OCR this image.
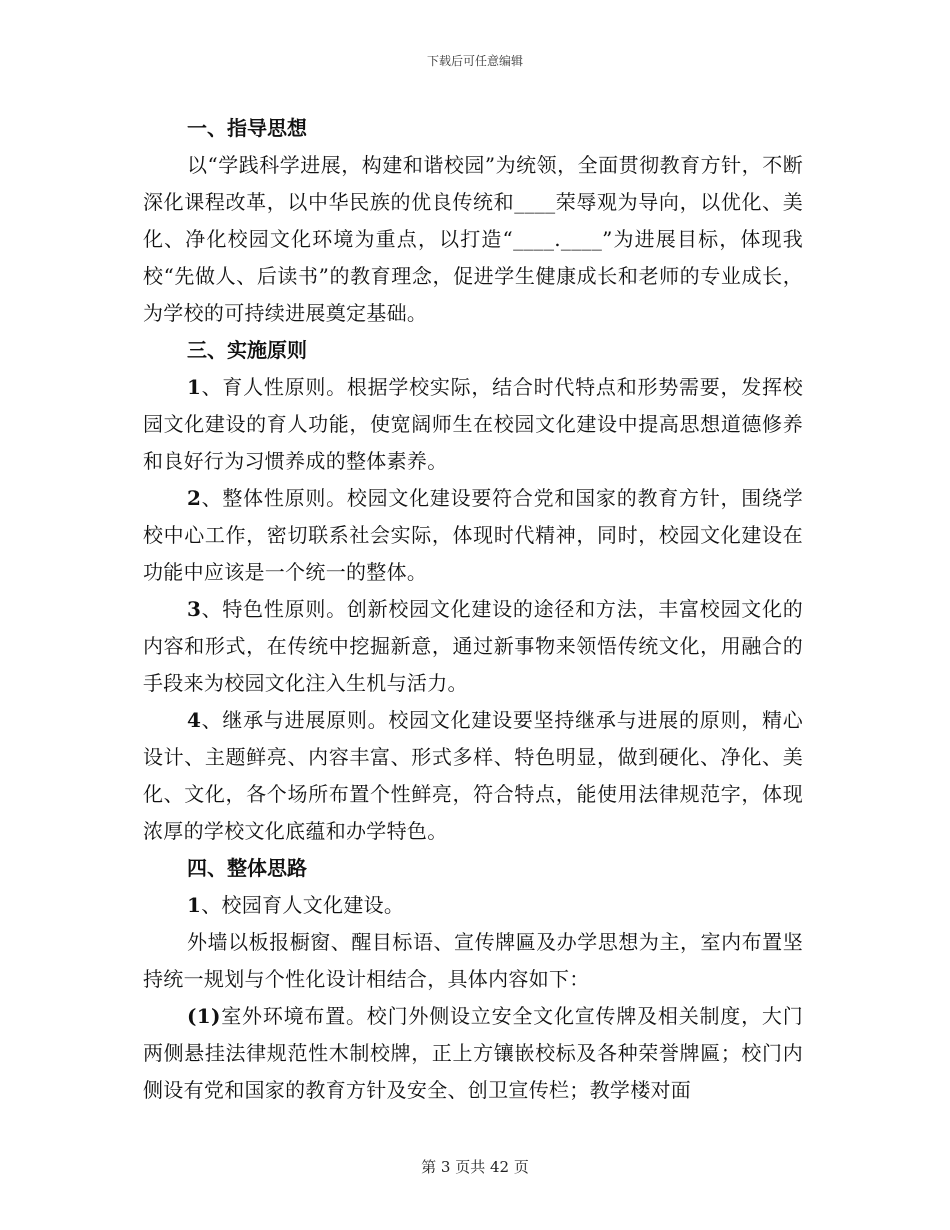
下载后可任意编辑

一、指导思想

以“学践科学进展，构建和谐校园”为统领，全面贯彻教育方针，不断深化课程改革，以中华民族的优良传统和____荣辱观为导向，以优化、美化、净化校园文化环境为重点，以打造“____.____”为进展目标，体现我校“先做人、后读书”的教育理念，促进学生健康成长和老师的专业成长，为学校的可持续进展奠定基础。

三、实施原则

1、育人性原则。根据学校实际，结合时代特点和形势需要，发挥校园文化建设的育人功能，使宽阔师生在校园文化建设中提高思想道德修养和良好行为习惯养成的整体素养。

2、整体性原则。校园文化建设要符合党和国家的教育方针，围绕学校中心工作，密切联系社会实际，体现时代精神，同时，校园文化建设在功能中应该是一个统一的整体。

3、特色性原则。创新校园文化建设的途径和方法，丰富校园文化的内容和形式，在传统中挖掘新意，通过新事物来领悟传统文化，用融合的手段来为校园文化注入生机与活力。

4、继承与进展原则。校园文化建设要坚持继承与进展的原则，精心设计、主题鲜亮、内容丰富、形式多样、特色明显，做到硬化、净化、美化、文化，各个场所布置个性鲜亮，符合特点，能使用法律规范字，体现浓厚的学校文化底蕴和办学特色。

四、整体思路

1、校园育人文化建设。

外墙以板报橱窗、醒目标语、宣传牌匾及办学思想为主，室内布置坚持统一规划与个性化设计相结合，具体内容如下：

(1)室外环境布置。校门外侧设立安全文化宣传牌及相关制度，大门两侧悬挂法律规范性木制校牌，正上方镶嵌校标及各种荣誉牌匾；校门内侧设有党和国家的教育方针及安全、创卫宣传栏；教学楼对面

第 3 页共 42 页
